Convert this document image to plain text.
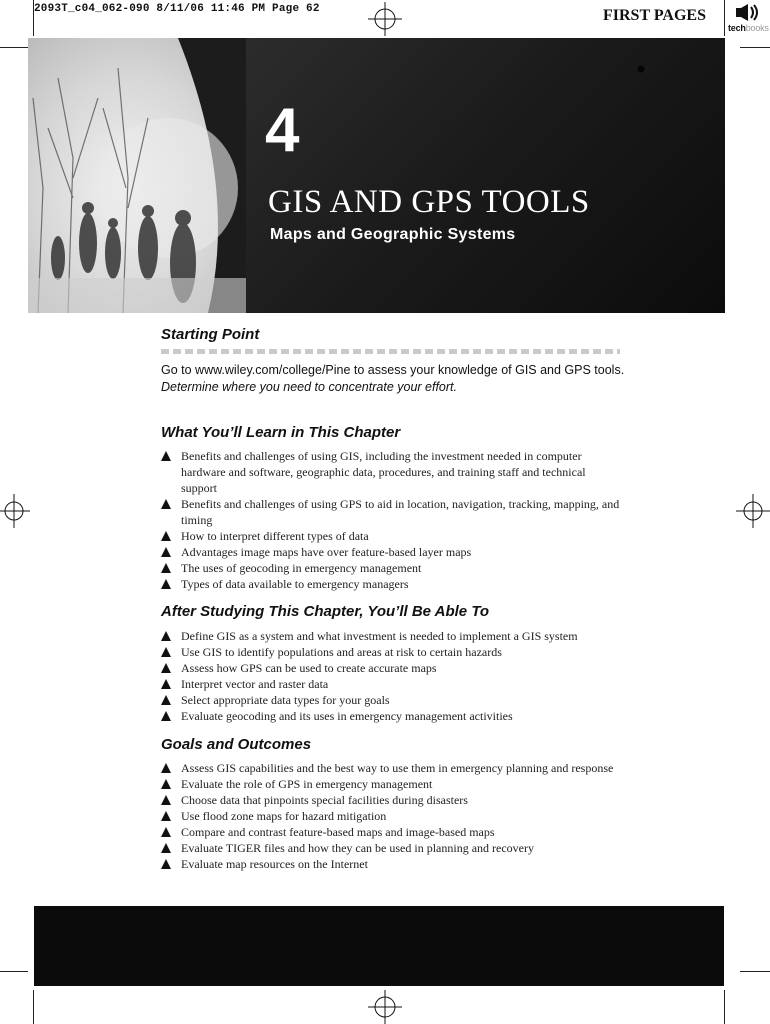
2093T_c04_062-090 8/11/06 11:46 PM Page 62	FIRST PAGES
techbooks
4
GIS AND GPS TOOLS
Maps and Geographic Systems
Starting Point
Go to www.wiley.com/college/Pine to assess your knowledge of GIS and GPS tools.
Determine where you need to concentrate your effort.
What You’ll Learn in This Chapter
Benefits and challenges of using GIS, including the investment needed in computer hardware and software, geographic data, procedures, and training staff and technical support
Benefits and challenges of using GPS to aid in location, navigation, tracking, mapping, and timing
How to interpret different types of data
Advantages image maps have over feature-based layer maps
The uses of geocoding in emergency management
Types of data available to emergency managers
After Studying This Chapter, You’ll Be Able To
Define GIS as a system and what investment is needed to implement a GIS system
Use GIS to identify populations and areas at risk to certain hazards
Assess how GPS can be used to create accurate maps
Interpret vector and raster data
Select appropriate data types for your goals
Evaluate geocoding and its uses in emergency management activities
Goals and Outcomes
Assess GIS capabilities and the best way to use them in emergency planning and response
Evaluate the role of GPS in emergency management
Choose data that pinpoints special facilities during disasters
Use flood zone maps for hazard mitigation
Compare and contrast feature-based maps and image-based maps
Evaluate TIGER files and how they can be used in planning and recovery
Evaluate map resources on the Internet
